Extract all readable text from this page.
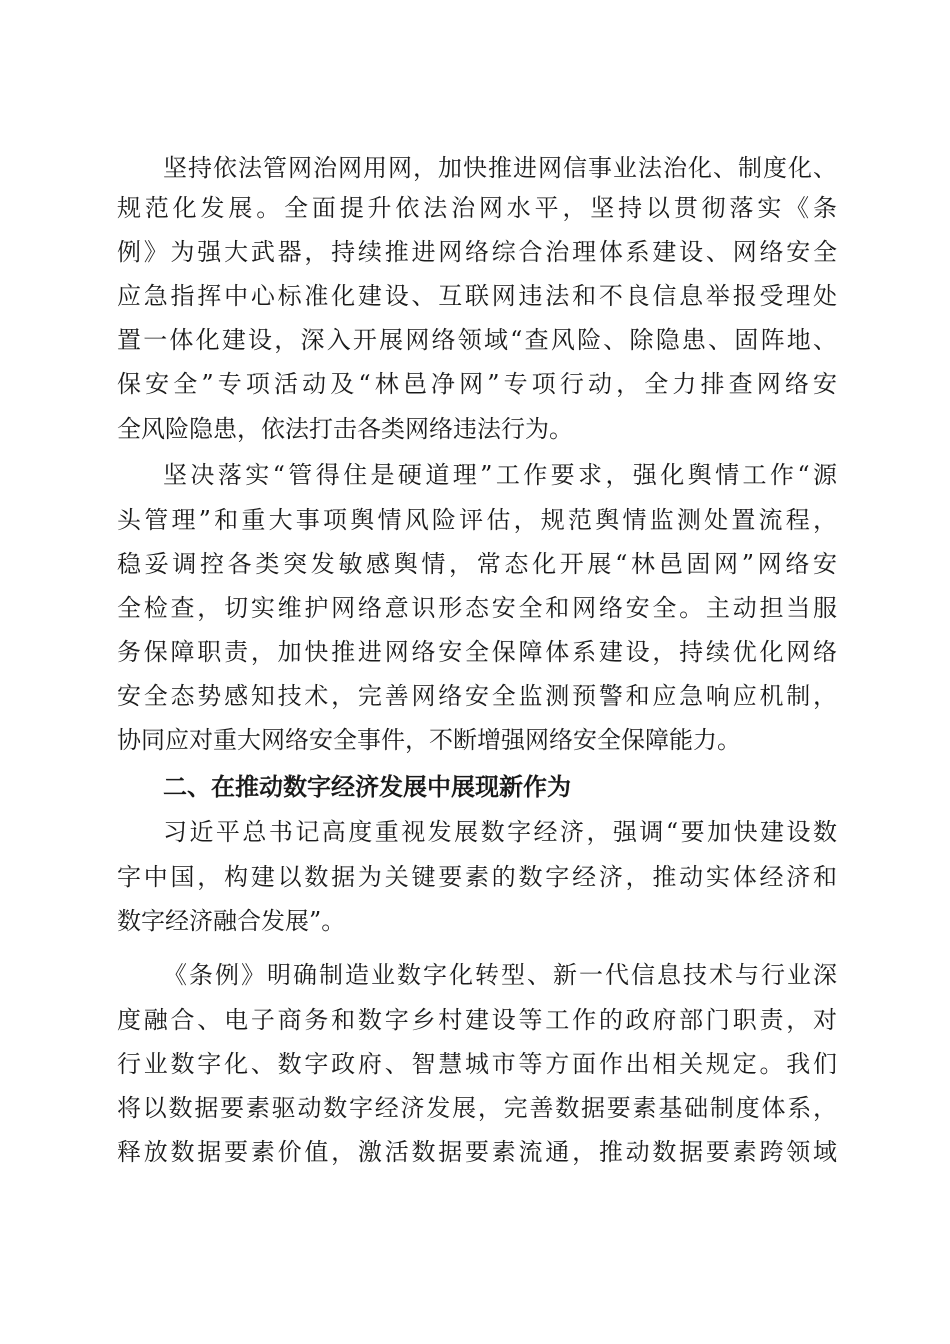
坚持依法管网治网用网，加快推进网信事业法治化、制度化、
规范化发展。全面提升依法治网水平，坚持以贯彻落实《条
例》为强大武器，持续推进网络综合治理体系建设、网络安全
应急指挥中心标准化建设、互联网违法和不良信息举报受理处
置一体化建设，深入开展网络领域“查风险、除隐患、固阵地、
保安全”专项活动及“林邑净网”专项行动，全力排查网络安
全风险隐患，依法打击各类网络违法行为。
坚决落实“管得住是硬道理”工作要求，强化舆情工作“源
头管理”和重大事项舆情风险评估，规范舆情监测处置流程，
稳妥调控各类突发敏感舆情，常态化开展“林邑固网”网络安
全检查，切实维护网络意识形态安全和网络安全。主动担当服
务保障职责，加快推进网络安全保障体系建设，持续优化网络
安全态势感知技术，完善网络安全监测预警和应急响应机制，
协同应对重大网络安全事件，不断增强网络安全保障能力。
二、在推动数字经济发展中展现新作为
习近平总书记高度重视发展数字经济，强调“要加快建设数
字中国，构建以数据为关键要素的数字经济，推动实体经济和
数字经济融合发展”。
《条例》明确制造业数字化转型、新一代信息技术与行业深
度融合、电子商务和数字乡村建设等工作的政府部门职责，对
行业数字化、数字政府、智慧城市等方面作出相关规定。我们
将以数据要素驱动数字经济发展，完善数据要素基础制度体系，
释放数据要素价值，激活数据要素流通，推动数据要素跨领域
